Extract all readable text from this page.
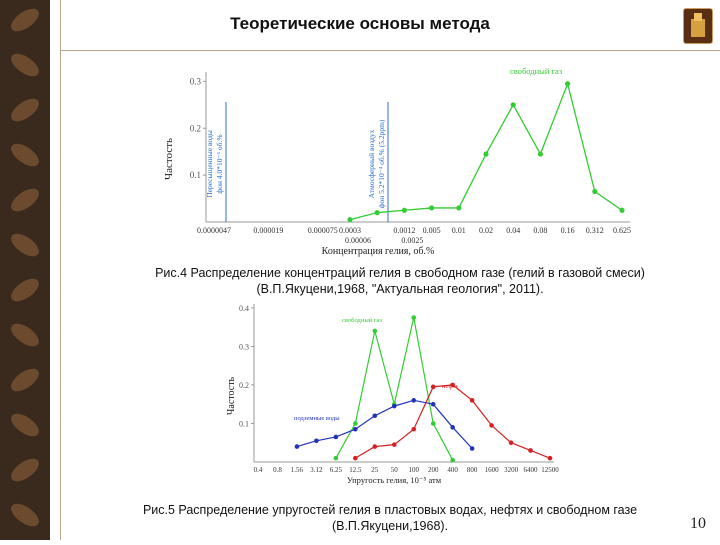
Теоретические основы метода
0.1
0.2
0.3
Частость
0.0000047	0.000019	0.000075 0.0003	0.0012 0.005 0.01 0.02 0.04 0.08 0.16 0.312 0.625
0.00006	0.0025
Концентрация гелия, об.%
Пересыщенные воды фон 4.0*10⁻⁶ об.%	Атмосферный воздух фон 5.2*10⁻⁴ об.% (5.2ppm)
свободный газ
Рис.4 Распределение концентраций гелия в свободном газе (гелий в газовой смеси) (В.П.Якуцени,1968, "Актуальная геология", 2011).
0.1
0.2
0.3
0.4
Частость
0.4 0.8 1.56 3.12 6.25 12.5 25 50 100 200 400 800 1600 3200 6400 12500
Упругость гелия, 10⁻⁵ атм
свободный газ
подземные воды
нефть
Рис.5 Распределение упругостей гелия в пластовых водах, нефтях и свободном газе (В.П.Якуцени,1968).	10
